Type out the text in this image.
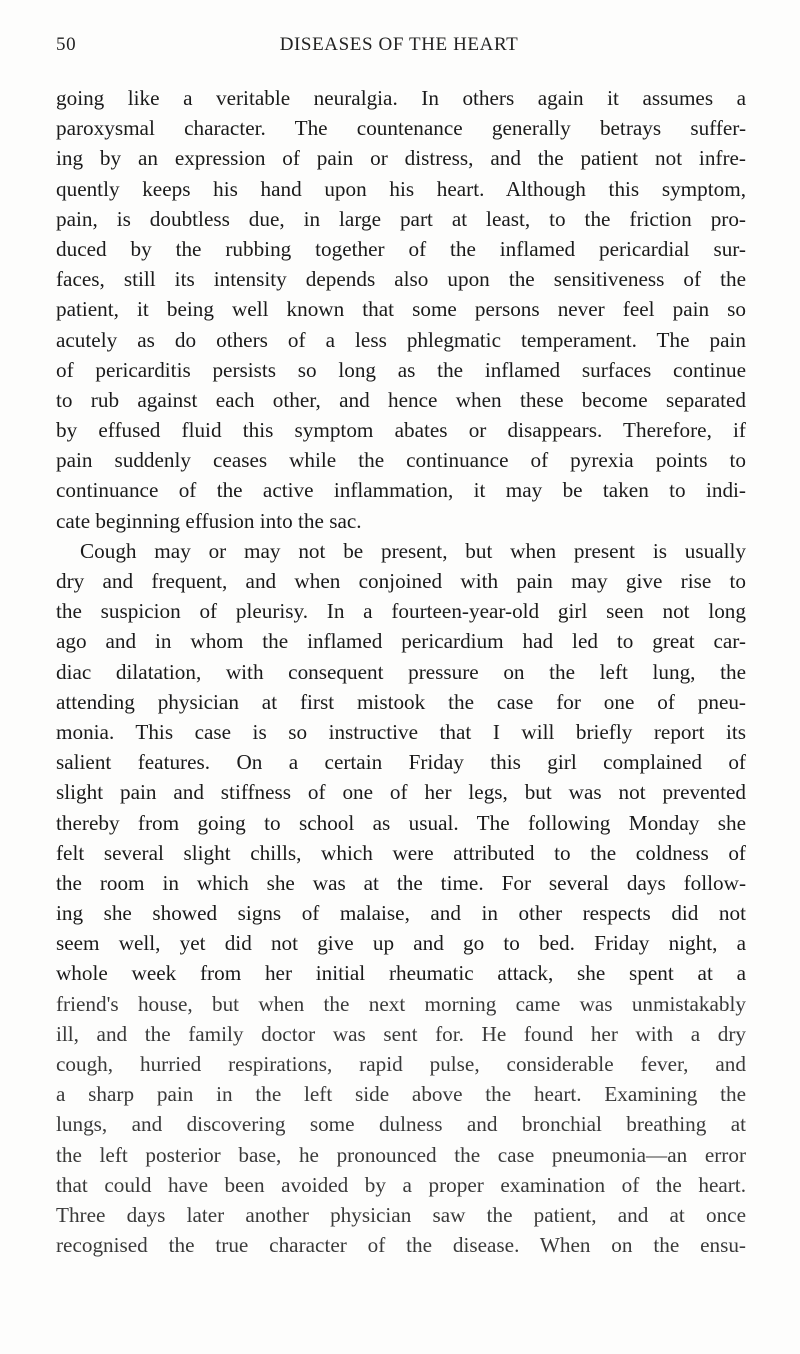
50	DISEASES OF THE HEART
going like a veritable neuralgia. In others again it assumes a
paroxysmal character. The countenance generally betrays suffer-
ing by an expression of pain or distress, and the patient not infre-
quently keeps his hand upon his heart. Although this symptom,
pain, is doubtless due, in large part at least, to the friction pro-
duced by the rubbing together of the inflamed pericardial sur-
faces, still its intensity depends also upon the sensitiveness of the
patient, it being well known that some persons never feel pain so
acutely as do others of a less phlegmatic temperament. The pain
of pericarditis persists so long as the inflamed surfaces continue
to rub against each other, and hence when these become separated
by effused fluid this symptom abates or disappears. Therefore, if
pain suddenly ceases while the continuance of pyrexia points to
continuance of the active inflammation, it may be taken to indi-
cate beginning effusion into the sac.
Cough may or may not be present, but when present is usually
dry and frequent, and when conjoined with pain may give rise to
the suspicion of pleurisy. In a fourteen-year-old girl seen not long
ago and in whom the inflamed pericardium had led to great car-
diac dilatation, with consequent pressure on the left lung, the
attending physician at first mistook the case for one of pneu-
monia. This case is so instructive that I will briefly report its
salient features. On a certain Friday this girl complained of
slight pain and stiffness of one of her legs, but was not prevented
thereby from going to school as usual. The following Monday she
felt several slight chills, which were attributed to the coldness of
the room in which she was at the time. For several days follow-
ing she showed signs of malaise, and in other respects did not
seem well, yet did not give up and go to bed. Friday night, a
whole week from her initial rheumatic attack, she spent at a
friend's house, but when the next morning came was unmistakably
ill, and the family doctor was sent for. He found her with a dry
cough, hurried respirations, rapid pulse, considerable fever, and
a sharp pain in the left side above the heart. Examining the
lungs, and discovering some dulness and bronchial breathing at
the left posterior base, he pronounced the case pneumonia—an error
that could have been avoided by a proper examination of the heart.
Three days later another physician saw the patient, and at once
recognised the true character of the disease. When on the ensu-
